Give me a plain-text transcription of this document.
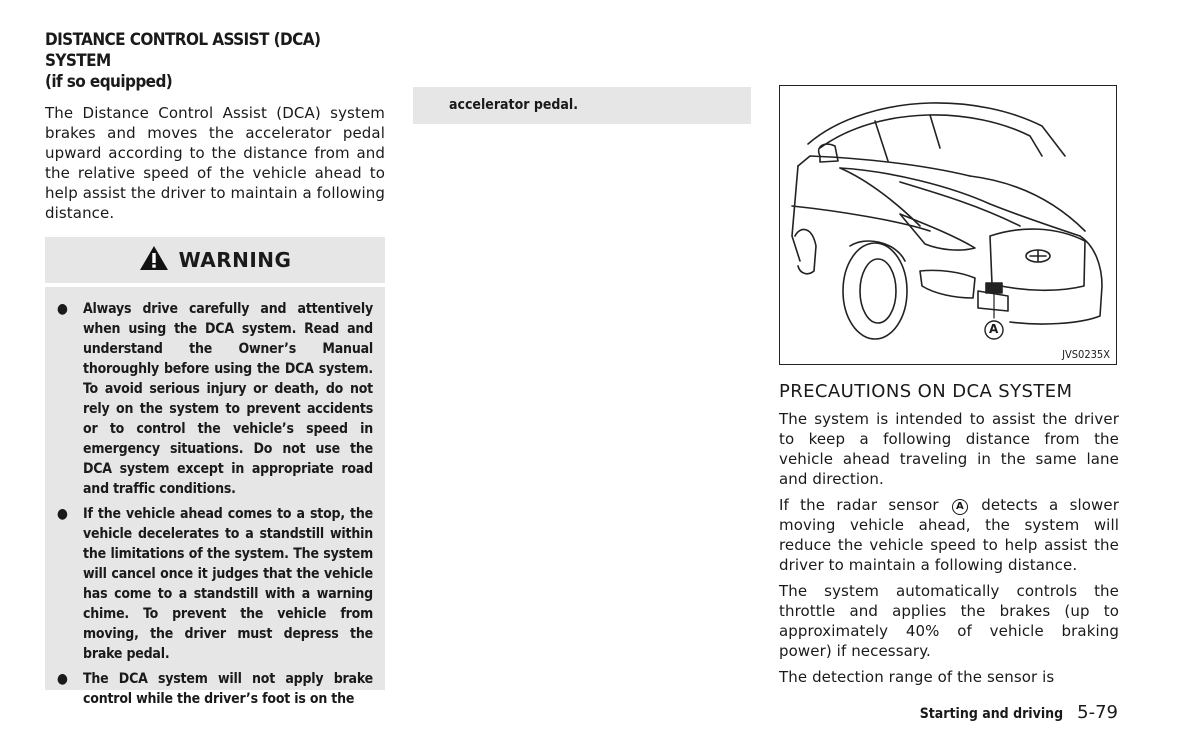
DISTANCE CONTROL ASSIST (DCA) SYSTEM
(if so equipped)

The Distance Control Assist (DCA) system brakes and moves the accelerator pedal upward according to the distance from and the relative speed of the vehicle ahead to help assist the driver to maintain a following distance.

WARNING
●	Always drive carefully and attentively when using the DCA system. Read and understand the Owner’s Manual thoroughly before using the DCA system. To avoid serious injury or death, do not rely on the system to prevent accidents or to control the vehicle’s speed in emergency situations. Do not use the DCA system except in appropriate road and traffic conditions.
●	If the vehicle ahead comes to a stop, the vehicle decelerates to a standstill within the limitations of the system. The system will cancel once it judges that the vehicle has come to a standstill with a warning chime. To prevent the vehicle from moving, the driver must depress the brake pedal.
●	The DCA system will not apply brake control while the driver’s foot is on the
accelerator pedal.
A
JVS0235X
PRECAUTIONS ON DCA SYSTEM

The system is intended to assist the driver to keep a following distance from the vehicle ahead traveling in the same lane and direction.

If the radar sensor A detects a slower moving vehicle ahead, the system will reduce the vehicle speed to help assist the driver to maintain a following distance.

The system automatically controls the throttle and applies the brakes (up to approximately 40% of vehicle braking power) if necessary.

The detection range of the sensor is

Starting and driving 5-79
